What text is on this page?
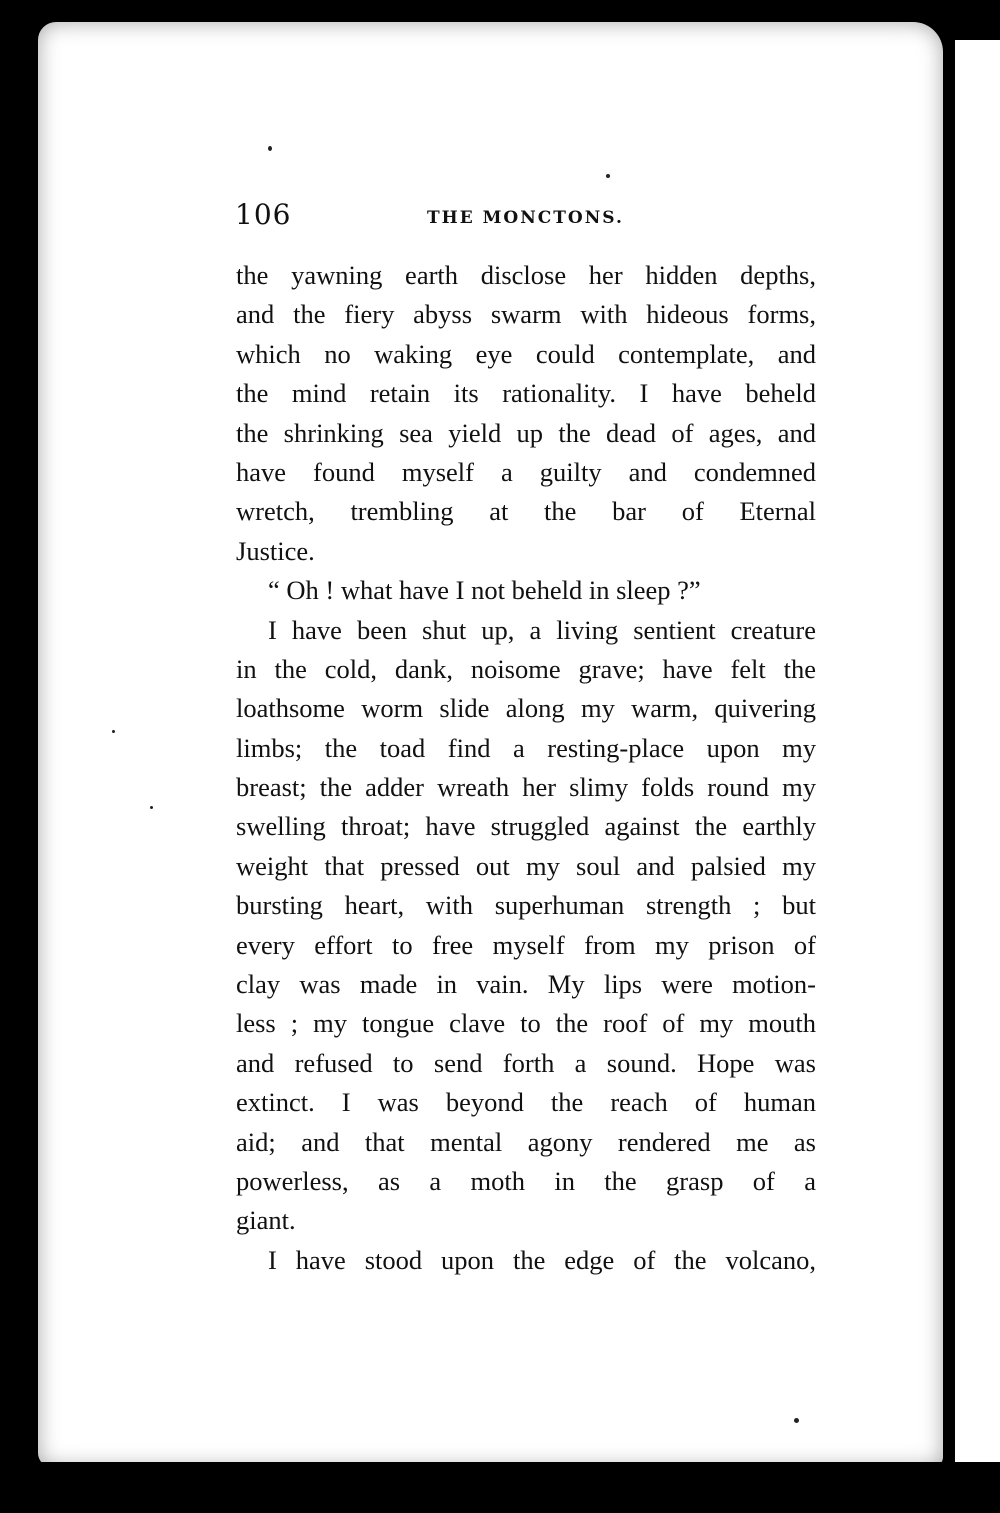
106	THE MONCTONS.
the yawning earth disclose her hidden depths,
and the fiery abyss swarm with hideous forms,
which no waking eye could contemplate, and
the mind retain its rationality. I have beheld
the shrinking sea yield up the dead of ages, and
have found myself a guilty and condemned
wretch, trembling at the bar of Eternal
Justice.
“ Oh ! what have I not beheld in sleep ?”
I have been shut up, a living sentient creature
in the cold, dank, noisome grave; have felt the
loathsome worm slide along my warm, quivering
limbs; the toad find a resting-place upon my
breast; the adder wreath her slimy folds round my
swelling throat; have struggled against the earthly
weight that pressed out my soul and palsied my
bursting heart, with superhuman strength ; but
every effort to free myself from my prison of
clay was made in vain. My lips were motion-
less ; my tongue clave to the roof of my mouth
and refused to send forth a sound. Hope was
extinct. I was beyond the reach of human
aid; and that mental agony rendered me as
powerless, as a moth in the grasp of a
giant.
I have stood upon the edge of the volcano,
